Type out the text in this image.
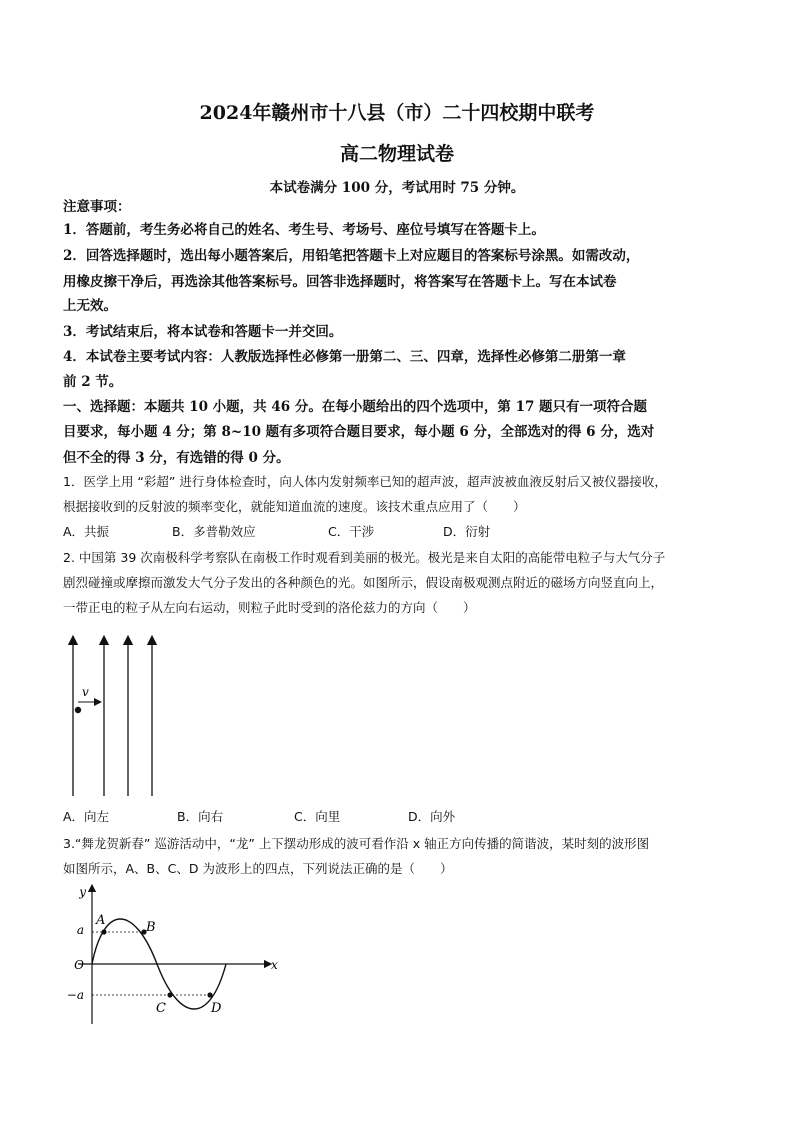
2024年赣州市十八县（市）二十四校期中联考
高二物理试卷
本试卷满分 100 分，考试用时 75 分钟。
注意事项：
1．答题前，考生务必将自己的姓名、考生号、考场号、座位号填写在答题卡上。
2．回答选择题时，选出每小题答案后，用铅笔把答题卡上对应题目的答案标号涂黑。如需改动，
用橡皮擦干净后，再选涂其他答案标号。回答非选择题时，将答案写在答题卡上。写在本试卷
上无效。
3．考试结束后，将本试卷和答题卡一并交回。
4．本试卷主要考试内容：人教版选择性必修第一册第二、三、四章，选择性必修第二册第一章
前 2 节。
一、选择题：本题共 10 小题，共 46 分。在每小题给出的四个选项中，第 17 题只有一项符合题
目要求，每小题 4 分；第 8~10 题有多项符合题目要求，每小题 6 分，全部选对的得 6 分，选对
但不全的得 3 分，有选错的得 0 分。
1．医学上用 “彩超” 进行身体检查时，向人体内发射频率已知的超声波，超声波被血液反射后又被仪器接收，
根据接收到的反射波的频率变化，就能知道血流的速度。该技术重点应用了（　　）
A．共振	B．多普勒效应	C．干涉	D．衍射
2. 中国第 39 次南极科学考察队在南极工作时观看到美丽的极光。极光是来自太阳的高能带电粒子与大气分子
剧烈碰撞或摩擦而激发大气分子发出的各种颜色的光。如图所示，假设南极观测点附近的磁场方向竖直向上，
一带正电的粒子从左向右运动，则粒子此时受到的洛伦兹力的方向（　　）
v
A．向左	B．向右	C．向里	D．向外
3.“舞龙贺新春” 巡游活动中，“龙” 上下摆动形成的波可看作沿 x 轴正方向传播的简谐波，某时刻的波形图
如图所示，A、B、C、D 为波形上的四点，下列说法正确的是（　　）
y
x
O
a
−a
A	B
C	D
